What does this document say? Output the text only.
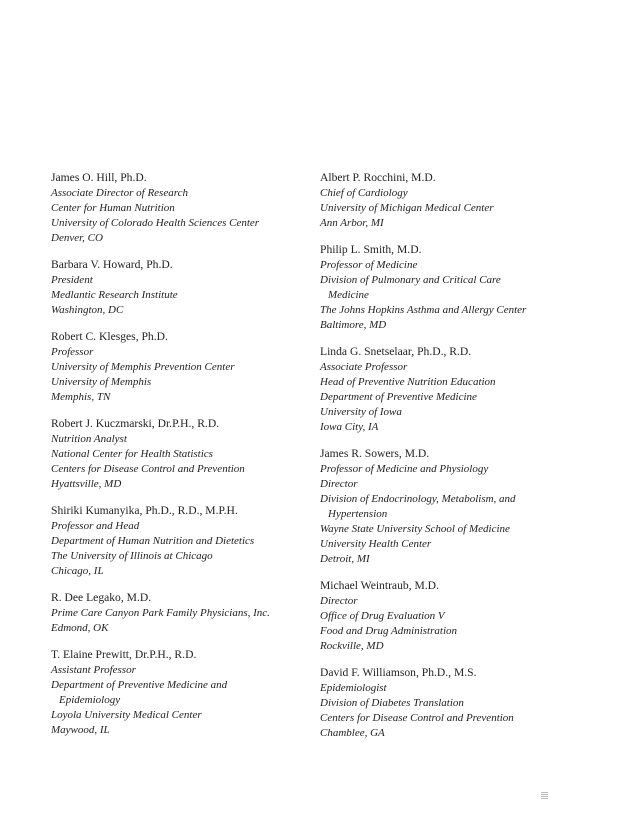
James O. Hill, Ph.D.
Associate Director of Research
Center for Human Nutrition
University of Colorado Health Sciences Center
Denver, CO
Barbara V. Howard, Ph.D.
President
Medlantic Research Institute
Washington, DC
Robert C. Klesges, Ph.D.
Professor
University of Memphis Prevention Center
University of Memphis
Memphis, TN
Robert J. Kuczmarski, Dr.P.H., R.D.
Nutrition Analyst
National Center for Health Statistics
Centers for Disease Control and Prevention
Hyattsville, MD
Shiriki Kumanyika, Ph.D., R.D., M.P.H.
Professor and Head
Department of Human Nutrition and Dietetics
The University of Illinois at Chicago
Chicago, IL
R. Dee Legako, M.D.
Prime Care Canyon Park Family Physicians, Inc.
Edmond, OK
T. Elaine Prewitt, Dr.P.H., R.D.
Assistant Professor
Department of Preventive Medicine and
Epidemiology
Loyola University Medical Center
Maywood, IL
Albert P. Rocchini, M.D.
Chief of Cardiology
University of Michigan Medical Center
Ann Arbor, MI
Philip L. Smith, M.D.
Professor of Medicine
Division of Pulmonary and Critical Care
Medicine
The Johns Hopkins Asthma and Allergy Center
Baltimore, MD
Linda G. Snetselaar, Ph.D., R.D.
Associate Professor
Head of Preventive Nutrition Education
Department of Preventive Medicine
University of Iowa
Iowa City, IA
James R. Sowers, M.D.
Professor of Medicine and Physiology
Director
Division of Endocrinology, Metabolism, and
Hypertension
Wayne State University School of Medicine
University Health Center
Detroit, MI
Michael Weintraub, M.D.
Director
Office of Drug Evaluation V
Food and Drug Administration
Rockville, MD
David F. Williamson, Ph.D., M.S.
Epidemiologist
Division of Diabetes Translation
Centers for Disease Control and Prevention
Chamblee, GA
